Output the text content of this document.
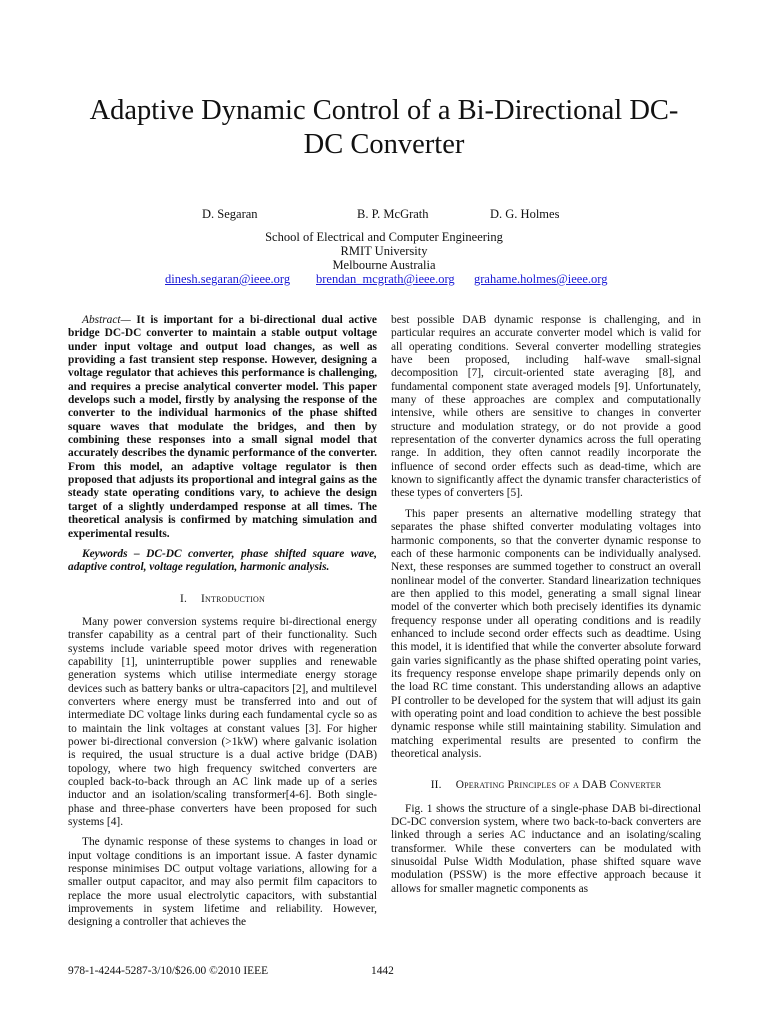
Adaptive Dynamic Control of a Bi-Directional DC-
DC Converter
D. Segaran	B. P. McGrath	D. G. Holmes
School of Electrical and Computer Engineering
RMIT University
Melbourne Australia
dinesh.segaran@ieee.org brendan_mcgrath@ieee.org grahame.holmes@ieee.org

Abstract— It is important for a bi-directional dual active bridge DC-DC converter to maintain a stable output voltage under input voltage and output load changes, as well as providing a fast transient step response. However, designing a voltage regulator that achieves this performance is challenging, and requires a precise analytical converter model. This paper develops such a model, firstly by analysing the response of the converter to the individual harmonics of the phase shifted square waves that modulate the bridges, and then by combining these responses into a small signal model that accurately describes the dynamic performance of the converter. From this model, an adaptive voltage regulator is then proposed that adjusts its proportional and integral gains as the steady state operating conditions vary, to achieve the design target of a slightly underdamped response at all times. The theoretical analysis is confirmed by matching simulation and experimental results.

Keywords – DC-DC converter, phase shifted square wave, adaptive control, voltage regulation, harmonic analysis.

I. Introduction

Many power conversion systems require bi-directional energy transfer capability as a central part of their functionality. Such systems include variable speed motor drives with regeneration capability [1], uninterruptible power supplies and renewable generation systems which utilise intermediate energy storage devices such as battery banks or ultra-capacitors [2], and multilevel converters where energy must be transferred into and out of intermediate DC voltage links during each fundamental cycle so as to maintain the link voltages at constant values [3]. For higher power bi-directional conversion (>1kW) where galvanic isolation is required, the usual structure is a dual active bridge (DAB) topology, where two high frequency switched converters are coupled back-to-back through an AC link made up of a series inductor and an isolation/scaling transformer[4-6]. Both single-phase and three-phase converters have been proposed for such systems [4].

The dynamic response of these systems to changes in load or input voltage conditions is an important issue. A faster dynamic response minimises DC output voltage variations, allowing for a smaller output capacitor, and may also permit film capacitors to replace the more usual electrolytic capacitors, with substantial improvements in system lifetime and reliability. However, designing a controller that achieves the

best possible DAB dynamic response is challenging, and in particular requires an accurate converter model which is valid for all operating conditions. Several converter modelling strategies have been proposed, including half-wave small-signal decomposition [7], circuit-oriented state averaging [8], and fundamental component state averaged models [9]. Unfortunately, many of these approaches are complex and computationally intensive, while others are sensitive to changes in converter structure and modulation strategy, or do not provide a good representation of the converter dynamics across the full operating range. In addition, they often cannot readily incorporate the influence of second order effects such as dead-time, which are known to significantly affect the dynamic transfer characteristics of these types of converters [5].

This paper presents an alternative modelling strategy that separates the phase shifted converter modulating voltages into harmonic components, so that the converter dynamic response to each of these harmonic components can be individually analysed. Next, these responses are summed together to construct an overall nonlinear model of the converter. Standard linearization techniques are then applied to this model, generating a small signal linear model of the converter which both precisely identifies its dynamic frequency response under all operating conditions and is readily enhanced to include second order effects such as deadtime. Using this model, it is identified that while the converter absolute forward gain varies significantly as the phase shifted operating point varies, its frequency response envelope shape primarily depends only on the load RC time constant. This understanding allows an adaptive PI controller to be developed for the system that will adjust its gain with operating point and load condition to achieve the best possible dynamic response while still maintaining stability. Simulation and matching experimental results are presented to confirm the theoretical analysis.

II. Operating Principles of a DAB Converter

Fig. 1 shows the structure of a single-phase DAB bi-directional DC-DC conversion system, where two back-to-back converters are linked through a series AC inductance and an isolating/scaling transformer. While these converters can be modulated with sinusoidal Pulse Width Modulation, phase shifted square wave modulation (PSSW) is the more effective approach because it allows for smaller magnetic components as

978-1-4244-5287-3/10/$26.00 ©2010 IEEE	1442
